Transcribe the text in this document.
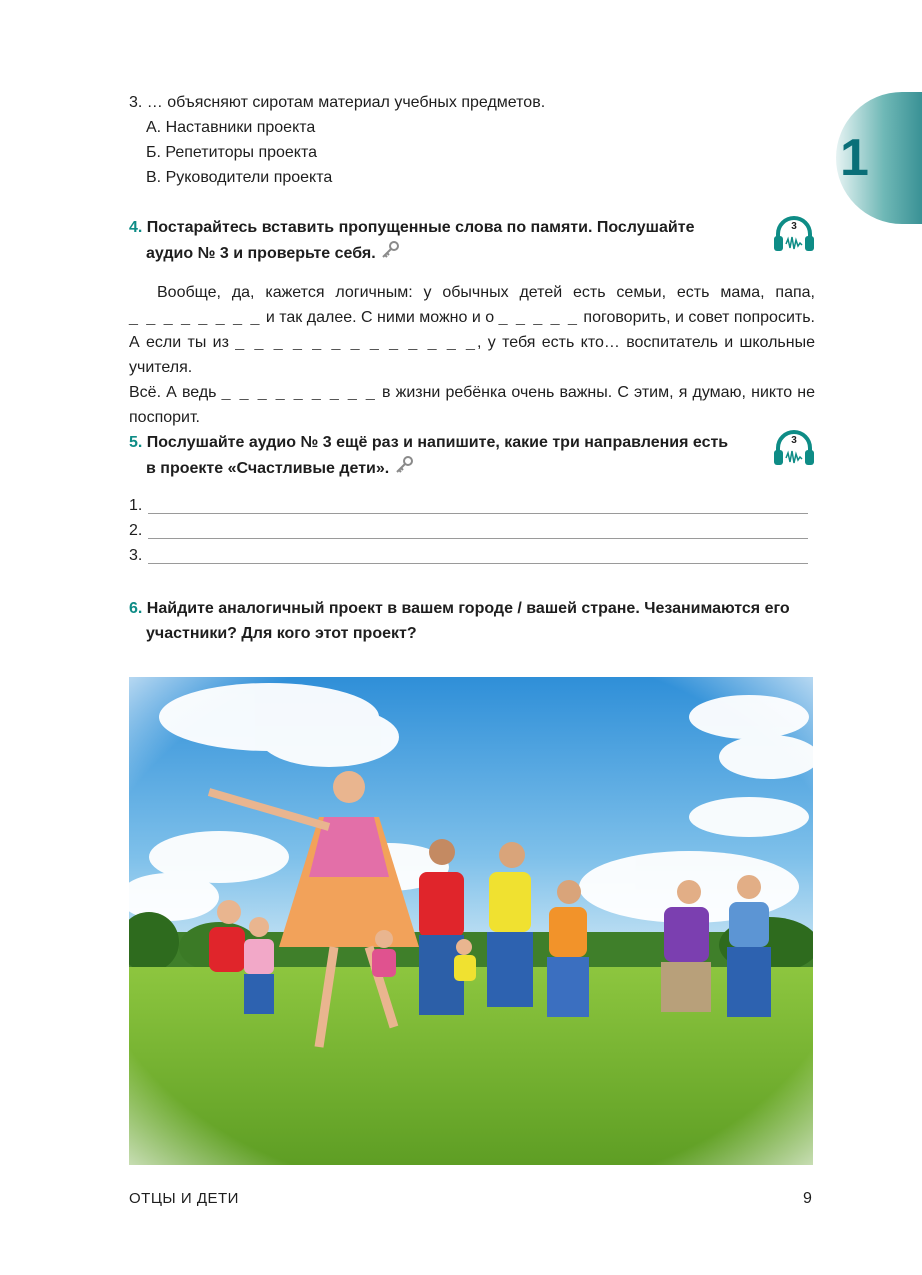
1
3. … объясняют сиротам материал учебных предметов.
А. Наставники проекта
Б. Репетиторы проекта
В. Руководители проекта
4. Постарайтесь вставить пропущенные слова по памяти. Послушайте
аудио № 3 и проверьте себя.
3
Вообще, да, кажется логичным: у обычных детей есть семьи, есть мама, папа,
_ _ _ _ _ _ _ _ и так далее. С ними можно и о _ _ _ _ _ поговорить, и совет попросить.
А если ты из _ _ _ _ _ _ _ _ _ _ _ _ _, у тебя есть кто… воспитатель и школьные учителя.
Всё. А ведь _ _ _ _ _ _ _ _ _ в жизни ребёнка очень важны. С этим, я думаю, никто не
поспорит.
5. Послушайте аудио № 3 ещё раз и напишите, какие три направления есть
в проекте «Счастливые дети».
3
1.
2.
3.
6. Найдите аналогичный проект в вашем городе / вашей стране. Чезанимаются его
участники? Для кого этот проект?
ОТЦЫ И ДЕТИ	9
